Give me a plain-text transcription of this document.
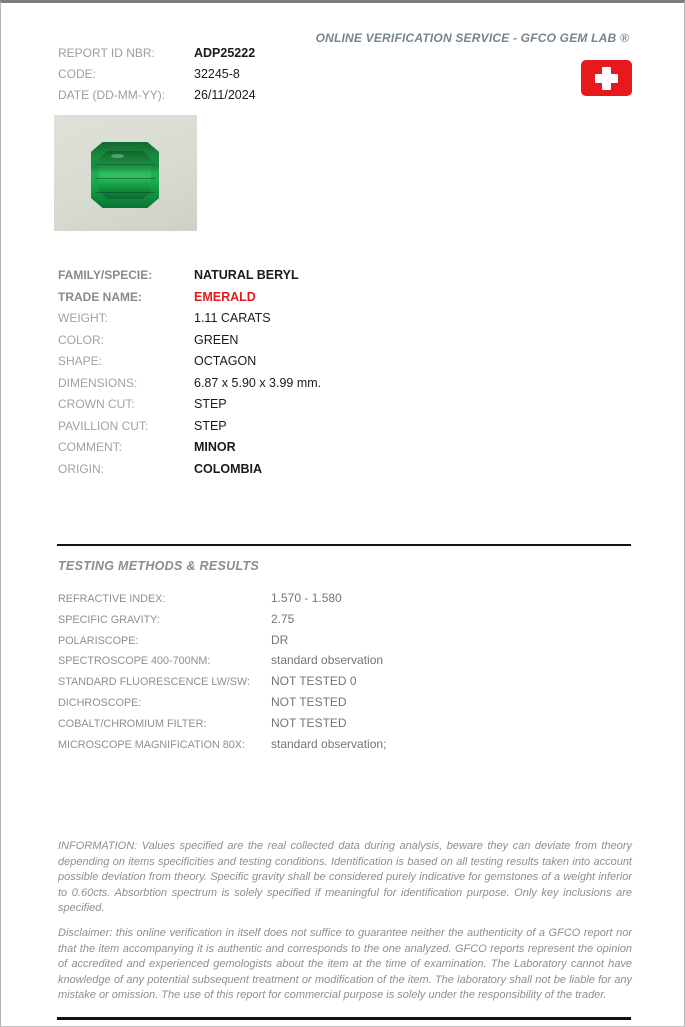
ONLINE VERIFICATION SERVICE - GFCO GEM LAB ®
REPORT ID NBR:	ADP25222
CODE:	32245-8
DATE (DD-MM-YY):	26/11/2024
FAMILY/SPECIE:	NATURAL BERYL
TRADE NAME:	EMERALD
WEIGHT:	1.11 CARATS
COLOR:	GREEN
SHAPE:	OCTAGON
DIMENSIONS:	6.87 x 5.90 x 3.99 mm.
CROWN CUT:	STEP
PAVILLION CUT:	STEP
COMMENT:	MINOR
ORIGIN:	COLOMBIA
TESTING METHODS & RESULTS
REFRACTIVE INDEX:	1.570 - 1.580
SPECIFIC GRAVITY:	2.75
POLARISCOPE:	DR
SPECTROSCOPE 400-700NM:	standard observation
STANDARD FLUORESCENCE LW/SW:	NOT TESTED 0
DICHROSCOPE:	NOT TESTED
COBALT/CHROMIUM FILTER:	NOT TESTED
MICROSCOPE MAGNIFICATION 80X:	standard observation;
INFORMATION: Values specified are the real collected data during analysis, beware they can deviate from theory depending on items specificities and testing conditions. Identification is based on all testing results taken into account possible deviation from theory. Specific gravity shall be considered purely indicative for gemstones of a weight inferior to 0.60cts. Absorbtion spectrum is solely specified if meaningful for identification purpose. Only key inclusions are specified.
Disclaimer: this online verification in itself does not suffice to guarantee neither the authenticity of a GFCO report nor that the item accompanying it is authentic and corresponds to the one analyzed. GFCO reports represent the opinion of accredited and experienced gemologists about the item at the time of examination. The Laboratory cannot have knowledge of any potential subsequent treatment or modification of the item. The laboratory shall not be liable for any mistake or omission. The use of this report for commercial purpose is solely under the responsibility of the trader.
